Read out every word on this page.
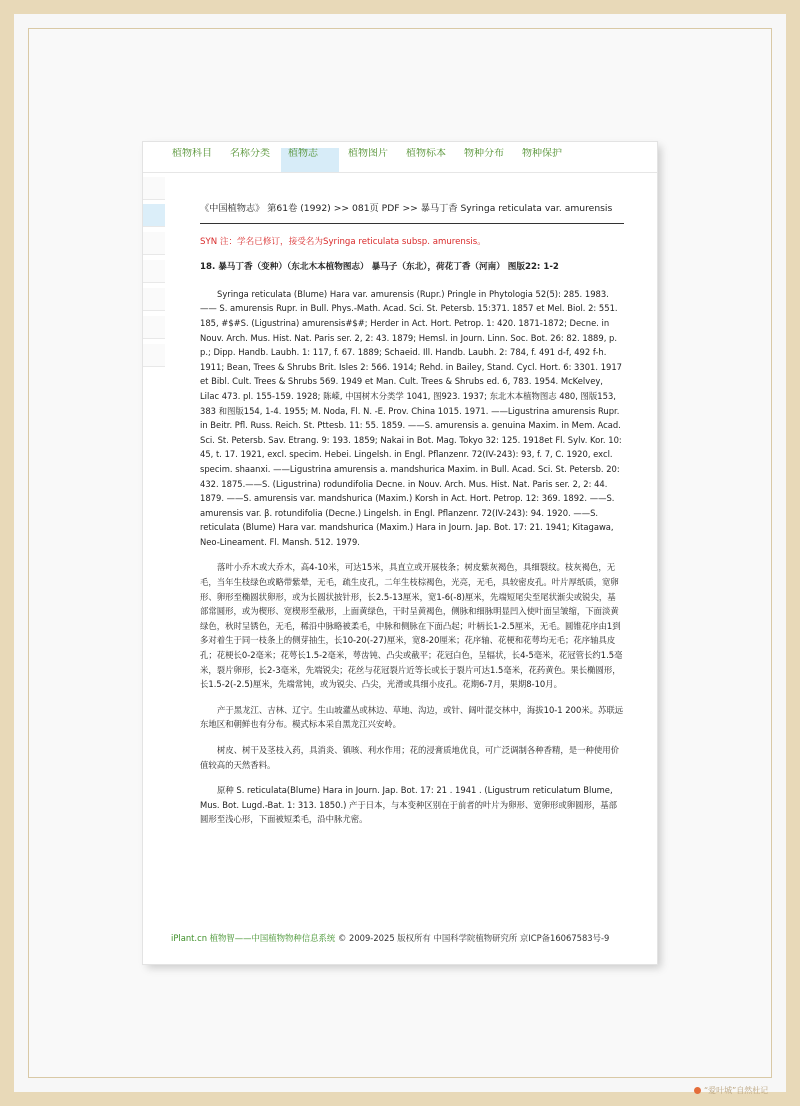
植物科目	名称分类	植物志	植物图片	植物标本	物种分布	物种保护
《中国植物志》 第61卷 (1992) >> 081页 PDF >> 暴马丁香 Syringa reticulata var. amurensis
SYN 注：学名已修订，接受名为Syringa reticulata subsp. amurensis。
18. 暴马丁香（变种）（东北木本植物图志） 暴马子（东北），荷花丁香（河南） 图版22: 1-2

Syringa reticulata (Blume) Hara var. amurensis (Rupr.) Pringle in Phytologia 52(5): 285. 1983. —— S. amurensis Rupr. in Bull. Phys.-Math. Acad. Sci. St. Petersb. 15:371. 1857 et Mel. Biol. 2: 551. 185, #$#S. (Ligustrina) amurensis#$#; Herder in Act. Hort. Petrop. 1: 420. 1871-1872; Decne. in Nouv. Arch. Mus. Hist. Nat. Paris ser. 2, 2: 43. 1879; Hemsl. in Journ. Linn. Soc. Bot. 26: 82. 1889, p. p.; Dipp. Handb. Laubh. 1: 117, f. 67. 1889; Schaeid. Ill. Handb. Laubh. 2: 784, f. 491 d-f, 492 f-h. 1911; Bean, Trees & Shrubs Brit. Isles 2: 566. 1914; Rehd. in Bailey, Stand. Cycl. Hort. 6: 3301. 1917 et Bibl. Cult. Trees & Shrubs 569. 1949 et Man. Cult. Trees & Shrubs ed. 6, 783. 1954. McKelvey, Lilac 473. pl. 155-159. 1928; 陈嵘, 中国树木分类学 1041, 图923. 1937; 东北木本植物图志 480, 图版153, 383 和图版154, 1-4. 1955; M. Noda, Fl. N. -E. Prov. China 1015. 1971. ——Ligustrina amurensis Rupr. in Beitr. Pfl. Russ. Reich. St. Pttesb. 11: 55. 1859. ——S. amurensis a. genuina Maxim. in Mem. Acad. Sci. St. Petersb. Sav. Etrang. 9: 193. 1859; Nakai in Bot. Mag. Tokyo 32: 125. 1918et Fl. Sylv. Kor. 10: 45, t. 17. 1921, excl. specim. Hebei. Lingelsh. in Engl. Pflanzenr. 72(IV-243): 93, f. 7, C. 1920, excl. specim. shaanxi. ——Ligustrina amurensis a. mandshurica Maxim. in Bull. Acad. Sci. St. Petersb. 20: 432. 1875.——S. (Ligustrina) rodundifolia Decne. in Nouv. Arch. Mus. Hist. Nat. Paris ser. 2, 2: 44. 1879. ——S. amurensis var. mandshurica (Maxim.) Korsh in Act. Hort. Petrop. 12: 369. 1892. ——S. amurensis var. β. rotundifolia (Decne.) Lingelsh. in Engl. Pflanzenr. 72(IV-243): 94. 1920. ——S. reticulata (Blume) Hara var. mandshurica (Maxim.) Hara in Journ. Jap. Bot. 17: 21. 1941; Kitagawa, Neo-Lineament. Fl. Mansh. 512. 1979.

落叶小乔木或大乔木，高4-10米，可达15米，具直立或开展枝条；树皮紫灰褐色，具细裂纹。枝灰褐色，无毛，当年生枝绿色或略带紫晕，无毛，疏生皮孔，二年生枝棕褐色，光亮，无毛，具较密皮孔。叶片厚纸质，宽卵形、卵形至椭圆状卵形，或为长圆状披针形，长2.5-13厘米，宽1-6(-8)厘米，先端短尾尖至尾状渐尖或锐尖，基部常圆形，或为楔形、宽楔形至截形，上面黄绿色，干时呈黄褐色，侧脉和细脉明显凹入使叶面呈皱缩，下面淡黄绿色，秋时呈锈色，无毛，稀沿中脉略被柔毛，中脉和侧脉在下面凸起；叶柄长1-2.5厘米，无毛。圆锥花序由1到多对着生于同一枝条上的侧芽抽生，长10-20(-27)厘米，宽8-20厘米；花序轴、花梗和花萼均无毛；花序轴具皮孔；花梗长0-2毫米；花萼长1.5-2毫米，萼齿钝、凸尖或截平；花冠白色，呈辐状，长4-5毫米，花冠管长约1.5毫米，裂片卵形，长2-3毫米，先端锐尖；花丝与花冠裂片近等长或长于裂片可达1.5毫米，花药黄色。果长椭圆形，长1.5-2(-2.5)厘米，先端常钝，或为锐尖、凸尖，光滑或具细小皮孔。花期6-7月，果期8-10月。

产于黑龙江、吉林、辽宁。生山坡灌丛或林边、草地、沟边，或针、阔叶混交林中，海拔10-1 200米。苏联远东地区和朝鲜也有分布。模式标本采自黑龙江兴安岭。

树皮、树干及茎枝入药，具消炎、镇咳、利水作用；花的浸膏质地优良，可广泛调制各种香精，是一种使用价值较高的天然香料。

原种 S. reticulata(Blume) Hara in Journ. Jap. Bot. 17: 21 . 1941 . (Ligustrum reticulatum Blume, Mus. Bot. Lugd.-Bat. 1: 313. 1850.) 产于日本，与本变种区别在于前者的叶片为卵形、宽卵形或卵圆形，基部圆形至浅心形，下面被短柔毛，沿中脉尤密。

iPlant.cn 植物智——中国植物物种信息系统 © 2009-2025 版权所有 中国科学院植物研究所 京ICP备16067583号-9
“爱叶城”自然杜记
